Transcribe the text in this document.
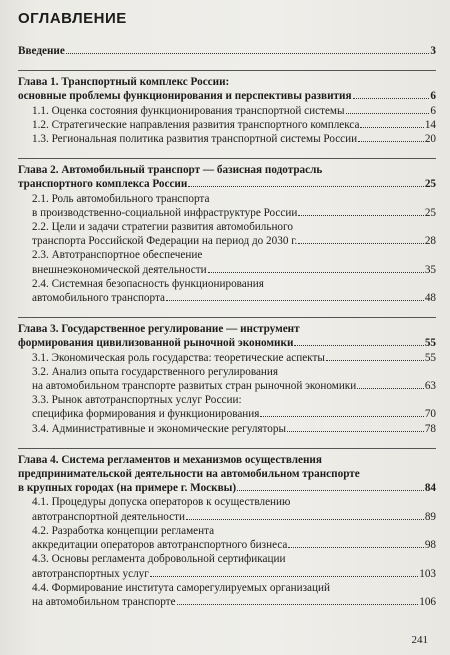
ОГЛАВЛЕНИЕ
Введение	3
Глава 1. Транспортный комплекс России:
основные проблемы функционирования и перспективы развития	6
1.1. Оценка состояния функционирования транспортной системы	6
1.2. Стратегические направления развития транспортного комплекса	14
1.3. Региональная политика развития транспортной системы России	20
Глава 2. Автомобильный транспорт — базисная подотрасль
транспортного комплекса России	25
2.1. Роль автомобильного транспорта
в производственно-социальной инфраструктуре России	25
2.2. Цели и задачи стратегии развития автомобильного
транспорта Российской Федерации на период до 2030 г.	28
2.3. Автотранспортное обеспечение
внешнеэкономической деятельности	35
2.4. Системная безопасность функционирования
автомобильного транспорта	48
Глава 3. Государственное регулирование — инструмент
формирования цивилизованной рыночной экономики	55
3.1. Экономическая роль государства: теоретические аспекты	55
3.2. Анализ опыта государственного регулирования
на автомобильном транспорте развитых стран рыночной экономики	63
3.3. Рынок автотранспортных услуг России:
специфика формирования и функционирования	70
3.4. Административные и экономические регуляторы	78
Глава 4. Система регламентов и механизмов осуществления
предпринимательской деятельности на автомобильном транспорте
в крупных городах (на примере г. Москвы)	84
4.1. Процедуры допуска операторов к осуществлению
автотранспортной деятельности	89
4.2. Разработка концепции регламента
аккредитации операторов автотранспортного бизнеса	98
4.3. Основы регламента добровольной сертификации
автотранспортных услуг	103
4.4. Формирование института саморегулируемых организаций
на автомобильном транспорте	106
241
